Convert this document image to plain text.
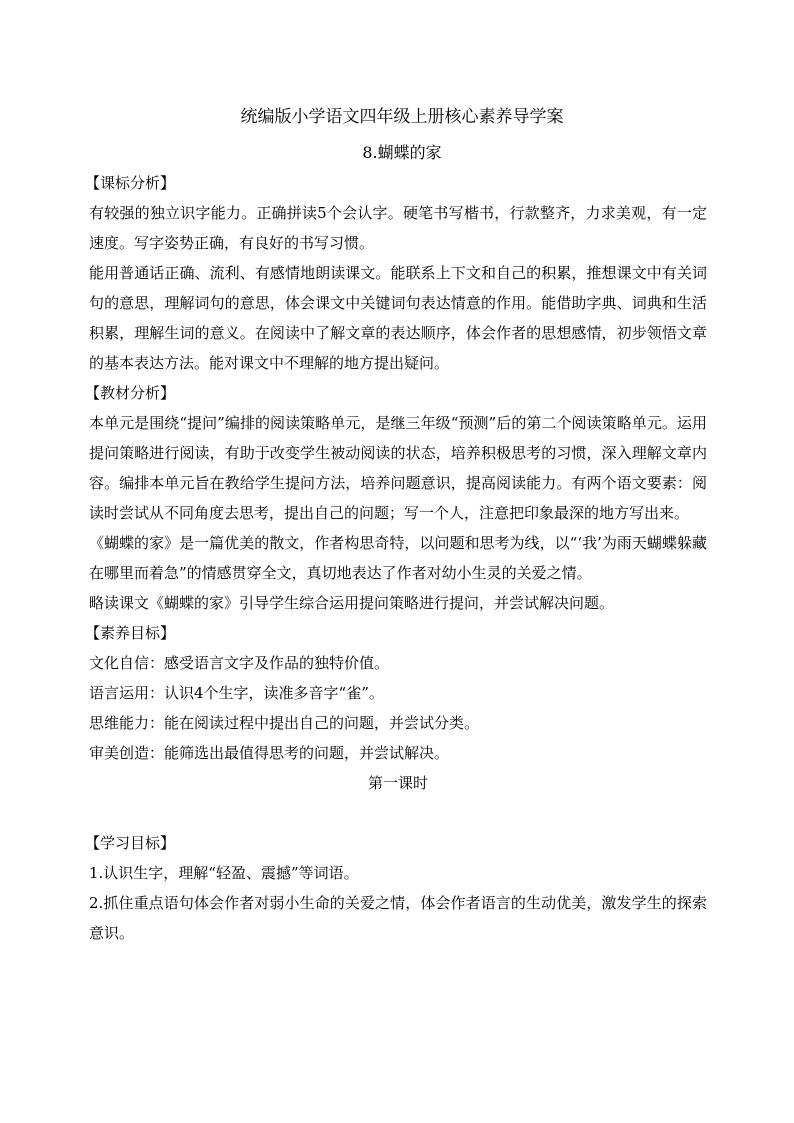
统编版小学语文四年级上册核心素养导学案

8.蝴蝶的家

【课标分析】

有较强的独立识字能力。正确拼读5个会认字。硬笔书写楷书，行款整齐，力求美观，有一定速度。写字姿势正确，有良好的书写习惯。

能用普通话正确、流利、有感情地朗读课文。能联系上下文和自己的积累，推想课文中有关词句的意思，理解词句的意思，体会课文中关键词句表达情意的作用。能借助字典、词典和生活积累，理解生词的意义。在阅读中了解文章的表达顺序，体会作者的思想感情，初步领悟文章的基本表达方法。能对课文中不理解的地方提出疑问。

【教材分析】

本单元是围绕“提问”编排的阅读策略单元，是继三年级“预测”后的第二个阅读策略单元。运用提问策略进行阅读，有助于改变学生被动阅读的状态，培养积极思考的习惯，深入理解文章内容。编排本单元旨在教给学生提问方法，培养问题意识，提高阅读能力。有两个语文要素：阅读时尝试从不同角度去思考，提出自己的问题；写一个人，注意把印象最深的地方写出来。

《蝴蝶的家》是一篇优美的散文，作者构思奇特，以问题和思考为线，以“‘我’为雨天蝴蝶躲藏在哪里而着急”的情感贯穿全文，真切地表达了作者对幼小生灵的关爱之情。

略读课文《蝴蝶的家》引导学生综合运用提问策略进行提问，并尝试解决问题。

【素养目标】

文化自信：感受语言文字及作品的独特价值。

语言运用：认识4个生字，读准多音字“雀”。

思维能力：能在阅读过程中提出自己的问题，并尝试分类。

审美创造：能筛选出最值得思考的问题，并尝试解决。

第一课时

【学习目标】

1.认识生字，理解“轻盈、震撼”等词语。

2.抓住重点语句体会作者对弱小生命的关爱之情，体会作者语言的生动优美，激发学生的探索意识。
